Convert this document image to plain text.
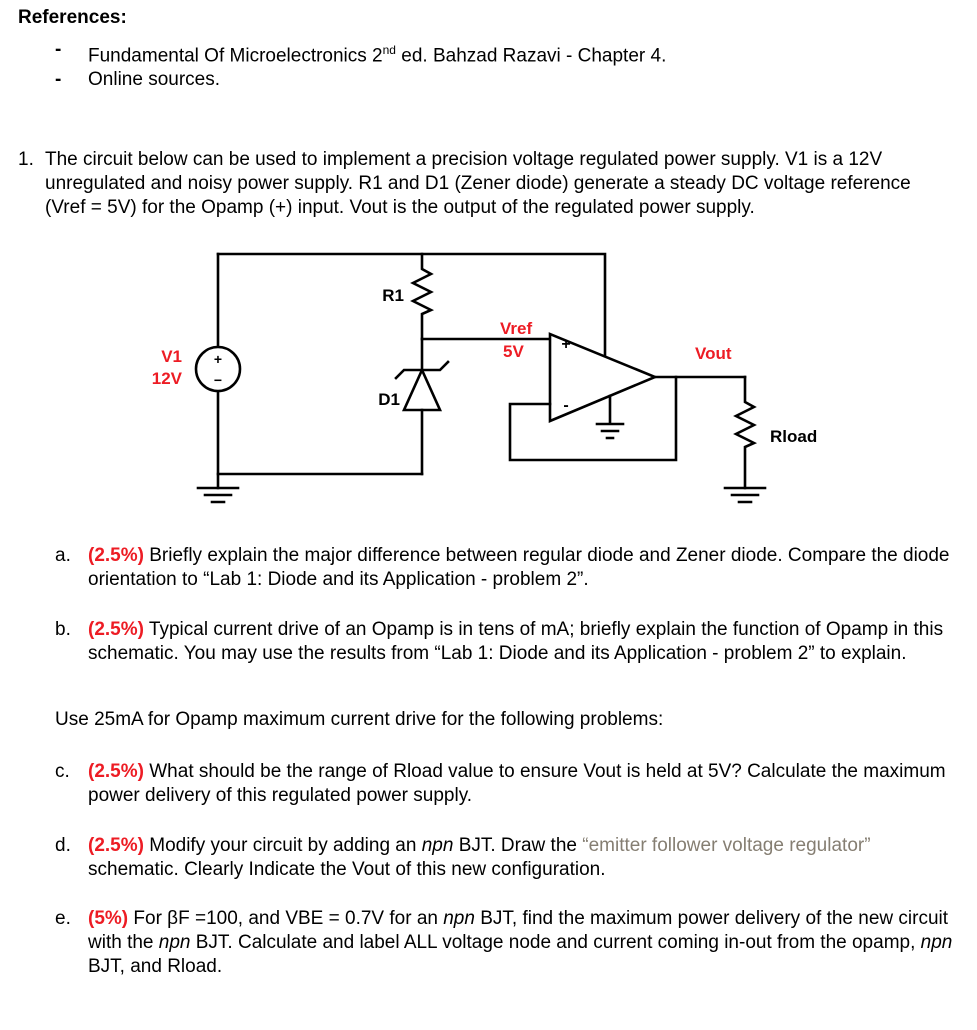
References:
-	Fundamental Of Microelectronics 2nd ed. Bahzad Razavi - Chapter 4.
-	Online sources.
1. The circuit below can be used to implement a precision voltage regulated power supply. V1 is a 12V unregulated and noisy power supply. R1 and D1 (Zener diode) generate a steady DC voltage reference (Vref = 5V) for the Opamp (+) input. Vout is the output of the regulated power supply.
+
−
V1
12V
R1
Vref
5V
D1
+
-
Vout
Rload
a. (2.5%) Briefly explain the major difference between regular diode and Zener diode. Compare the diode orientation to “Lab 1: Diode and its Application - problem 2”.
b. (2.5%) Typical current drive of an Opamp is in tens of mA; briefly explain the function of Opamp in this schematic. You may use the results from “Lab 1: Diode and its Application - problem 2” to explain.
Use 25mA for Opamp maximum current drive for the following problems:
c. (2.5%) What should be the range of Rload value to ensure Vout is held at 5V? Calculate the maximum power delivery of this regulated power supply.
d. (2.5%) Modify your circuit by adding an npn BJT. Draw the “emitter follower voltage regulator” schematic. Clearly Indicate the Vout of this new configuration.
e. (5%) For βF =100, and VBE = 0.7V for an npn BJT, find the maximum power delivery of the new circuit with the npn BJT. Calculate and label ALL voltage node and current coming in-out from the opamp, npn BJT, and Rload.
